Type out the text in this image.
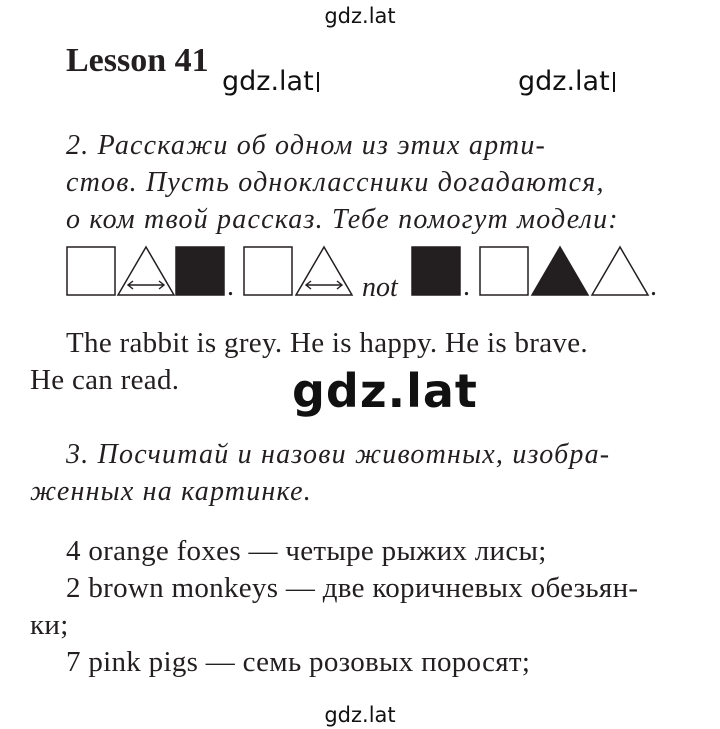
gdz.lat
Lesson 41
gdz.lat	gdz.lat
2. Расскажи об одном из этих арти-
стов. Пусть одноклассники догадаются,
о ком твой рассказ. Тебе помогут модели:
.	not .	.
The rabbit is grey. He is happy. He is brave.
He can read. gdz.lat
3. Посчитай и назови животных, изобра-
женных на картинке.
4 orange foxes — четыре рыжих лисы;
2 brown monkeys — две коричневых обезьян-
ки;
7 pink pigs — семь розовых поросят;
gdz.lat
